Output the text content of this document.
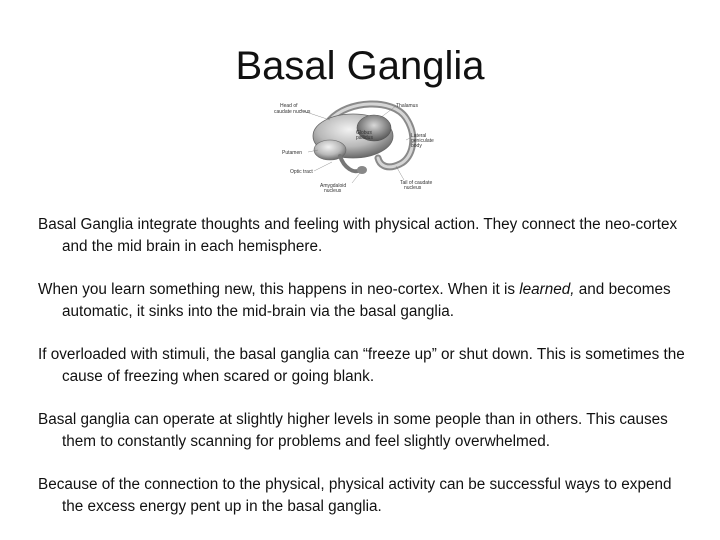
Basal Ganglia
Head of
caudate nucleus
Thalamus
Globus
pallidus	Lateral
geniculate
body
Putamen
Optic tract
Amygdaloid
nucleus
Tail of caudate
nucleus

Basal Ganglia integrate thoughts and feeling with physical action. They connect the neo-cortex and the mid brain in each hemisphere.

When you learn something new, this happens in neo-cortex. When it is learned, and becomes automatic, it sinks into the mid-brain via the basal ganglia.

If overloaded with stimuli, the basal ganglia can “freeze up” or shut down. This is sometimes the cause of freezing when scared or going blank.

Basal ganglia can operate at slightly higher levels in some people than in others. This causes them to constantly scanning for problems and feel slightly overwhelmed.

Because of the connection to the physical, physical activity can be successful ways to expend the excess energy pent up in the basal ganglia.
